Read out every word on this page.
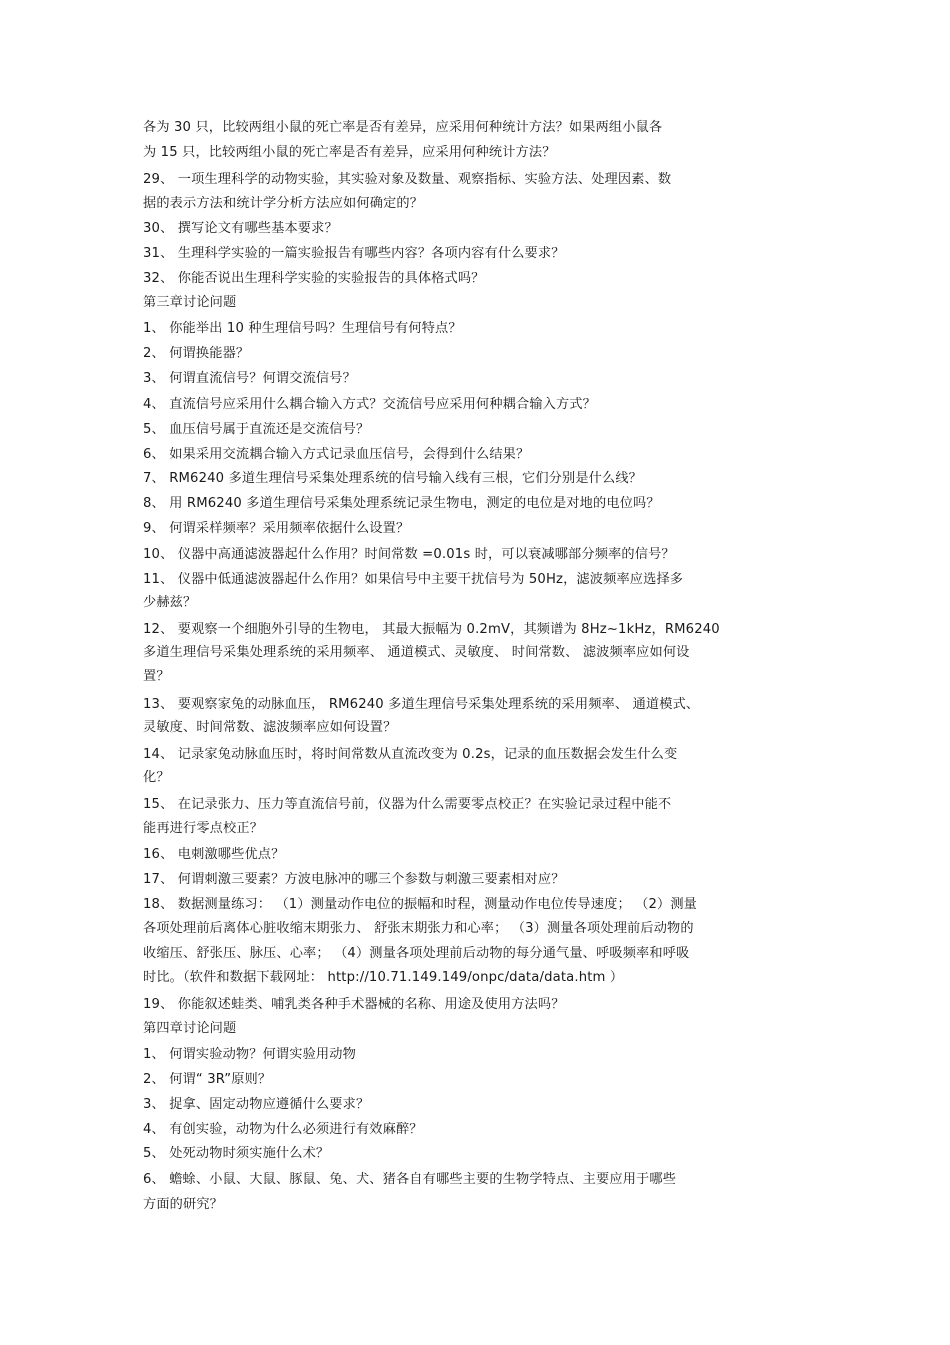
各为 30 只，比较两组小鼠的死亡率是否有差异，应采用何种统计方法？如果两组小鼠各

为 15 只，比较两组小鼠的死亡率是否有差异，应采用何种统计方法？

29、 一项生理科学的动物实验，其实验对象及数量、观察指标、实验方法、处理因素、数

据的表示方法和统计学分析方法应如何确定的？

30、 撰写论文有哪些基本要求？

31、 生理科学实验的一篇实验报告有哪些内容？各项内容有什么要求？

32、 你能否说出生理科学实验的实验报告的具体格式吗？

第三章讨论问题

1、 你能举出 10 种生理信号吗？生理信号有何特点？

2、 何谓换能器？

3、 何谓直流信号？何谓交流信号？

4、 直流信号应采用什么耦合输入方式？交流信号应采用何种耦合输入方式？

5、 血压信号属于直流还是交流信号？

6、 如果采用交流耦合输入方式记录血压信号，会得到什么结果？

7、 RM6240 多道生理信号采集处理系统的信号输入线有三根，它们分别是什么线？

8、 用 RM6240 多道生理信号采集处理系统记录生物电，测定的电位是对地的电位吗？

9、 何谓采样频率？采用频率依据什么设置？

10、 仪器中高通滤波器起什么作用？时间常数 =0.01s 时，可以衰减哪部分频率的信号？

11、 仪器中低通滤波器起什么作用？如果信号中主要干扰信号为 50Hz，滤波频率应选择多

少赫兹？

12、 要观察一个细胞外引导的生物电， 其最大振幅为 0.2mV，其频谱为 8Hz~1kHz，RM6240

多道生理信号采集处理系统的采用频率、 通道模式、灵敏度、 时间常数、 滤波频率应如何设

置？

13、 要观察家兔的动脉血压， RM6240 多道生理信号采集处理系统的采用频率、 通道模式、

灵敏度、时间常数、滤波频率应如何设置？

14、 记录家兔动脉血压时，将时间常数从直流改变为 0.2s，记录的血压数据会发生什么变

化？

15、 在记录张力、压力等直流信号前，仪器为什么需要零点校正？在实验记录过程中能不

能再进行零点校正？

16、 电刺激哪些优点？

17、 何谓刺激三要素？方波电脉冲的哪三个参数与刺激三要素相对应？

18、 数据测量练习： （1）测量动作电位的振幅和时程，测量动作电位传导速度； （2）测量

各项处理前后离体心脏收缩末期张力、 舒张末期张力和心率； （3）测量各项处理前后动物的

收缩压、舒张压、脉压、心率； （4）测量各项处理前后动物的每分通气量、呼吸频率和呼吸

时比。（软件和数据下载网址： http://10.71.149.149/onpc/data/data.htm ）

19、 你能叙述蛙类、哺乳类各种手术器械的名称、用途及使用方法吗？

第四章讨论问题

1、 何谓实验动物？何谓实验用动物

2、 何谓“ 3R”原则？

3、 捉拿、固定动物应遵循什么要求？

4、 有创实验，动物为什么必须进行有效麻醉？

5、 处死动物时须实施什么术？

6、 蟾蜍、小鼠、大鼠、豚鼠、兔、犬、猪各自有哪些主要的生物学特点、主要应用于哪些

方面的研究？
